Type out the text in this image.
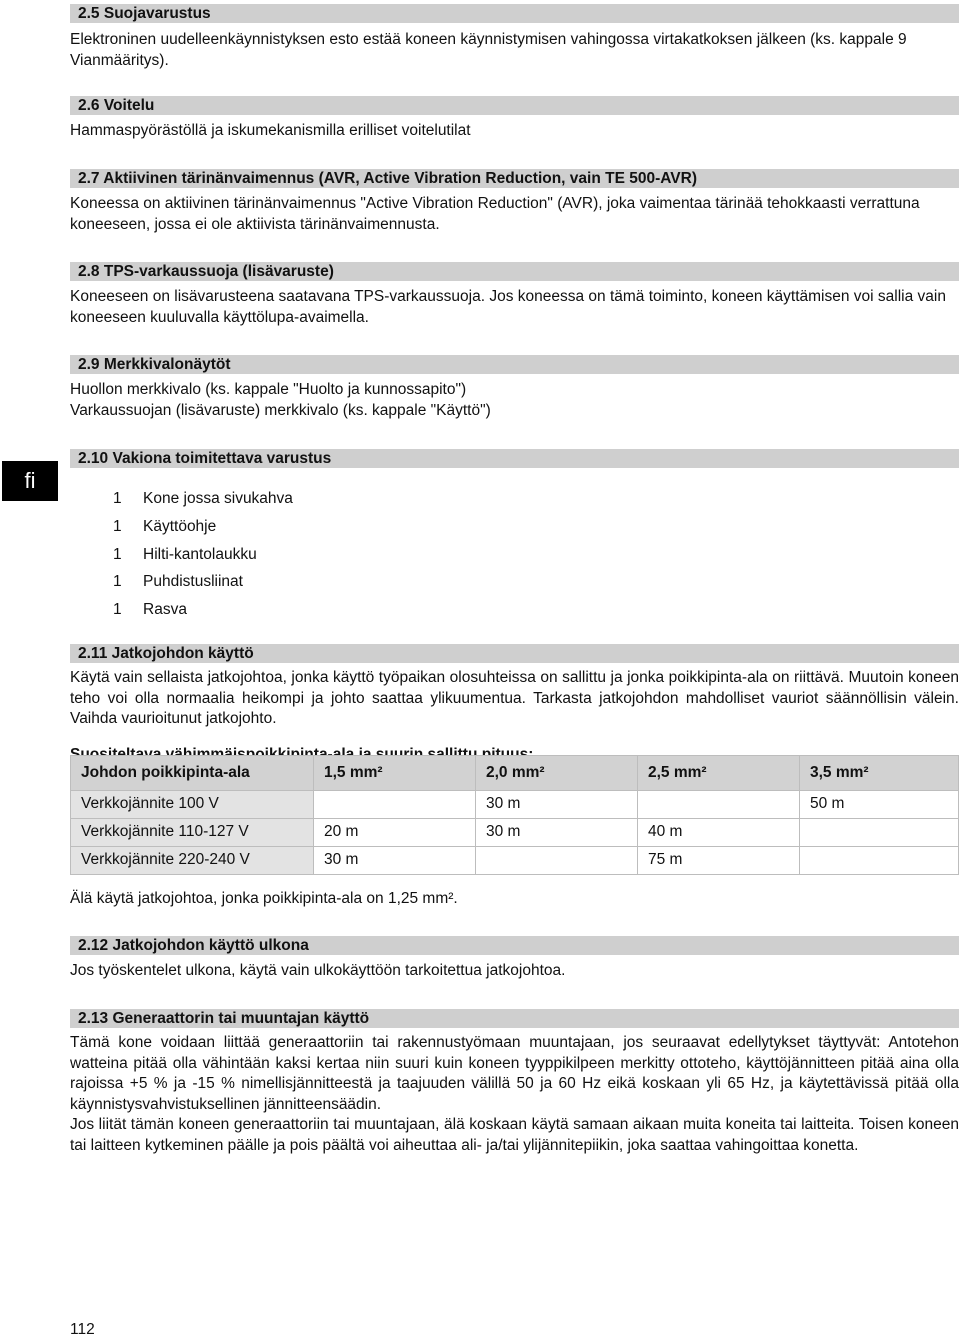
2.5 Suojavarustus

Elektroninen uudelleenkäynnistyksen esto estää koneen käynnistymisen vahingossa virtakatkoksen jälkeen (ks. kappale 9 Vianmääritys).

2.6 Voitelu

Hammaspyörästöllä ja iskumekanismilla erilliset voitelutilat

2.7 Aktiivinen tärinänvaimennus (AVR, Active Vibration Reduction, vain TE 500-AVR)

Koneessa on aktiivinen tärinänvaimennus "Active Vibration Reduction" (AVR), joka vaimentaa tärinää tehokkaasti verrattuna koneeseen, jossa ei ole aktiivista tärinänvaimennusta.

2.8 TPS-varkaussuoja (lisävaruste)

Koneeseen on lisävarusteena saatavana TPS-varkaussuoja. Jos koneessa on tämä toiminto, koneen käyttämisen voi sallia vain koneeseen kuuluvalla käyttölupa-avaimella.

2.9 Merkkivalonäytöt

Huollon merkkivalo (ks. kappale "Huolto ja kunnossapito")

Varkaussuojan (lisävaruste) merkkivalo (ks. kappale "Käyttö")

fi
2.10 Vakiona toimitettava varustus
1	Kone jossa sivukahva
1	Käyttöohje
1	Hilti-kantolaukku
1	Puhdistusliinat
1	Rasva
2.11 Jatkojohdon käyttö

Käytä vain sellaista jatkojohtoa, jonka käyttö työpaikan olosuhteissa on sallittu ja jonka poikkipinta-ala on riittävä. Muutoin koneen teho voi olla normaalia heikompi ja johto saattaa ylikuumentua. Tarkasta jatkojohdon mahdolliset vauriot säännöllisin välein. Vaihda vaurioitunut jatkojohto.

Johdon poikkipinta-ala	1,5 mm²	2,0 mm²	2,5 mm²	3,5 mm²
Verkkojännite 100 V		30 m		50 m
Verkkojännite 110-127 V	20 m	30 m	40 m	
Verkkojännite 220-240 V	30 m		75 m	

Älä käytä jatkojohtoa, jonka poikkipinta-ala on 1,25 mm².

2.12 Jatkojohdon käyttö ulkona

Jos työskentelet ulkona, käytä vain ulkokäyttöön tarkoitettua jatkojohtoa.

2.13 Generaattorin tai muuntajan käyttö

Tämä kone voidaan liittää generaattoriin tai rakennustyömaan muuntajaan, jos seuraavat edellytykset täyttyvät: Antotehon watteina pitää olla vähintään kaksi kertaa niin suuri kuin koneen tyyppikilpeen merkitty ottoteho, käyttöjännitteen pitää aina olla rajoissa +5 % ja -15 % nimellisjännitteestä ja taajuuden välillä 50 ja 60 Hz eikä koskaan yli 65 Hz, ja käytettävissä pitää olla käynnistysvahvistuksellinen jännitteensäädin.

Jos liität tämän koneen generaattoriin tai muuntajaan, älä koskaan käytä samaan aikaan muita koneita tai laitteita. Toisen koneen tai laitteen kytkeminen päälle ja pois päältä voi aiheuttaa ali- ja/tai ylijännitepiikin, joka saattaa vahingoittaa konetta.

112
